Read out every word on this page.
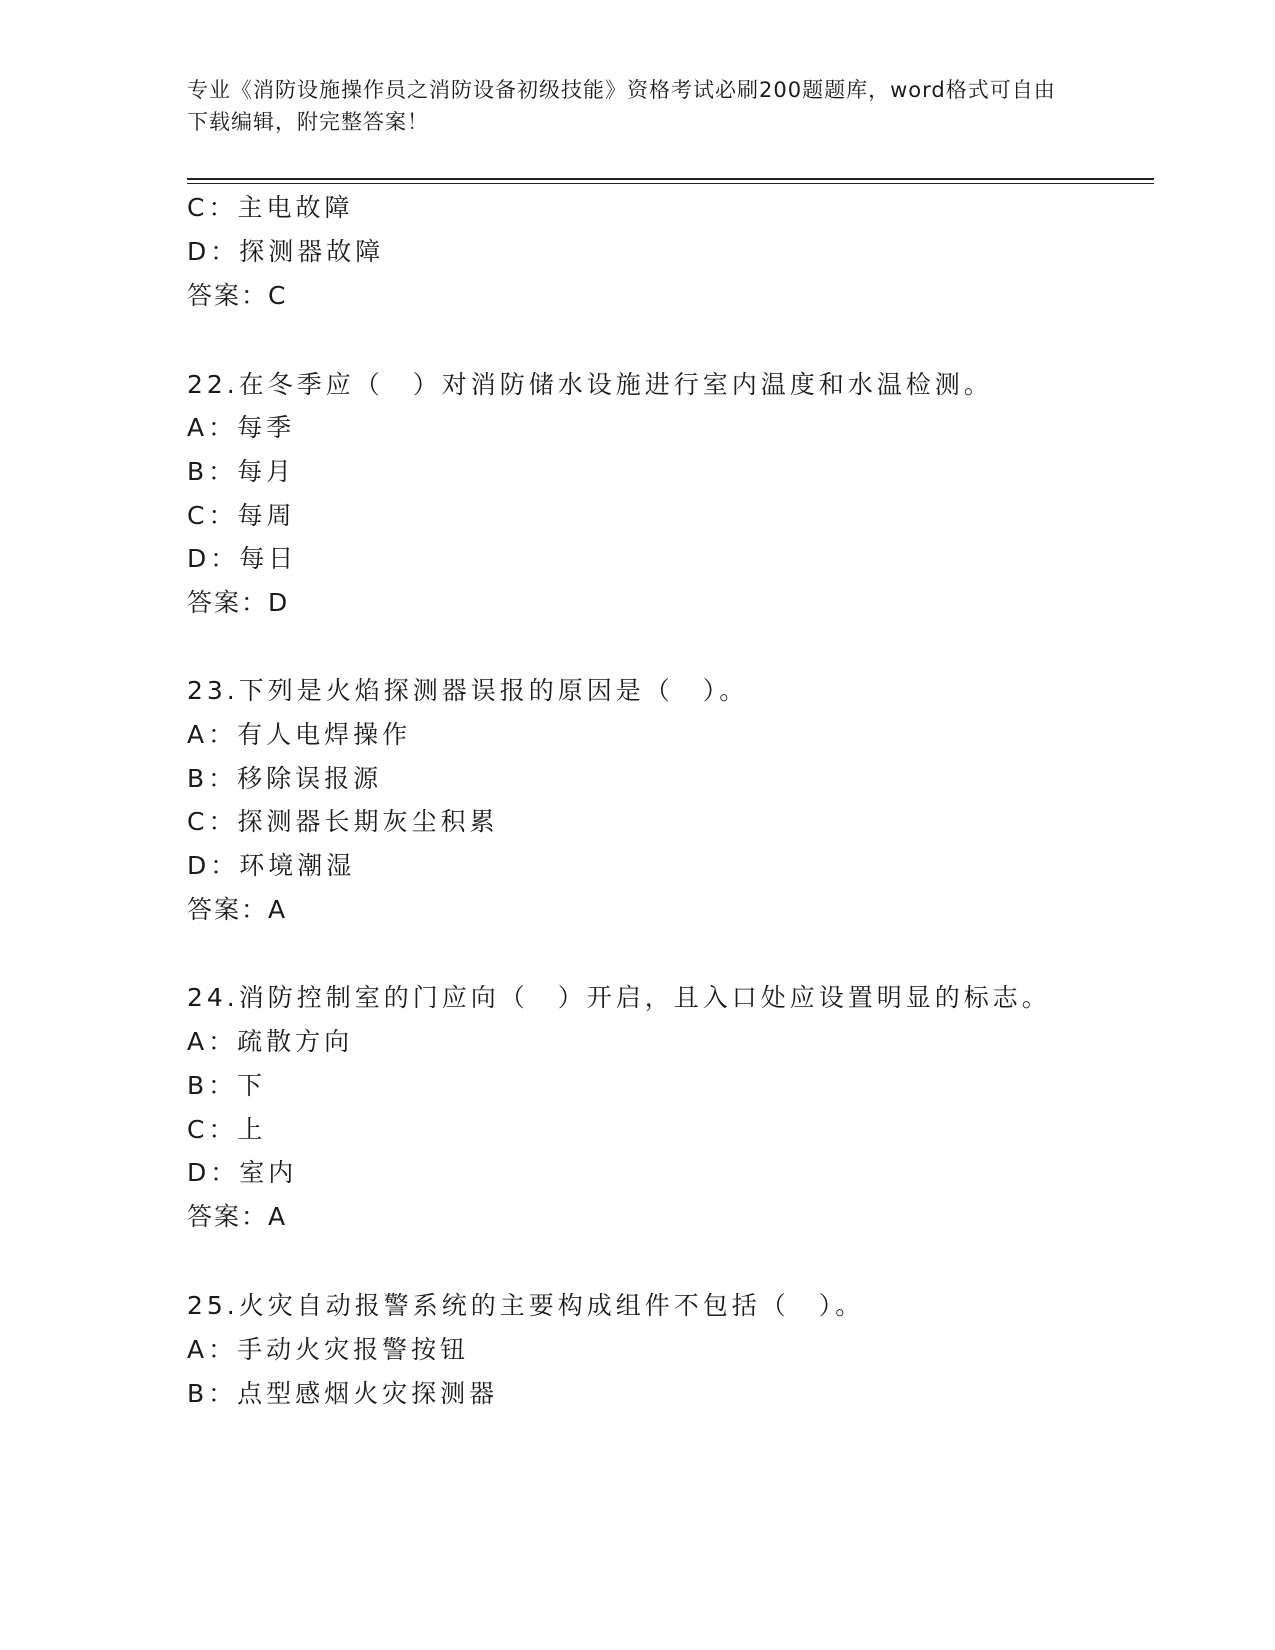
专业《消防设施操作员之消防设备初级技能》资格考试必刷200题题库，word格式可自由下载编辑，附完整答案！
C：主电故障
D：探测器故障
答案：C
22.在冬季应（　）对消防储水设施进行室内温度和水温检测。
A：每季
B：每月
C：每周
D：每日
答案：D
23.下列是火焰探测器误报的原因是（　）。
A：有人电焊操作
B：移除误报源
C：探测器长期灰尘积累
D：环境潮湿
答案：A
24.消防控制室的门应向（　）开启，且入口处应设置明显的标志。
A：疏散方向
B：下
C：上
D：室内
答案：A
25.火灾自动报警系统的主要构成组件不包括（　）。
A：手动火灾报警按钮
B：点型感烟火灾探测器
